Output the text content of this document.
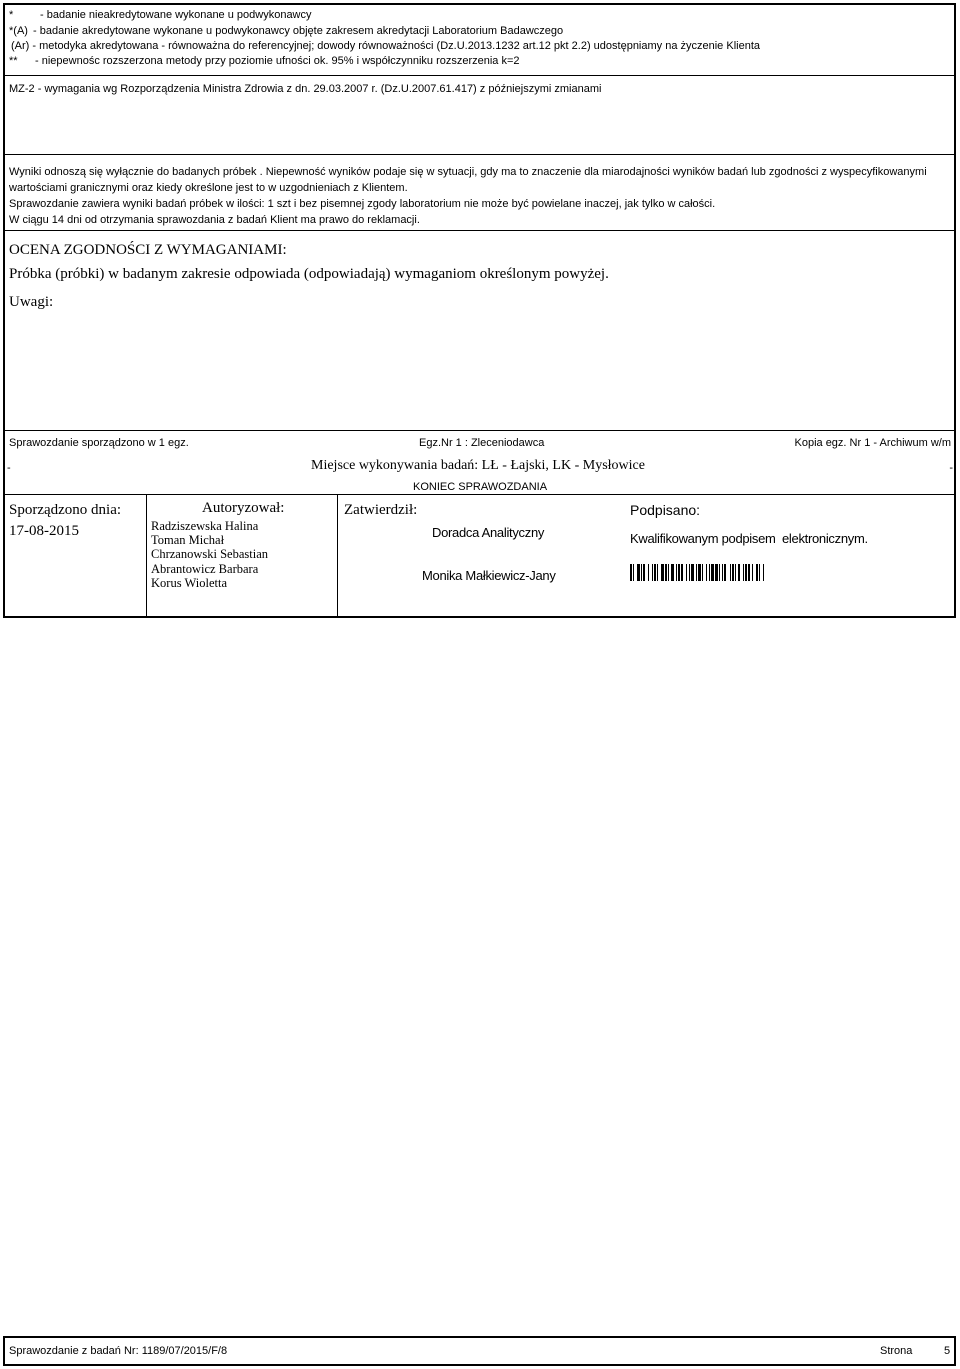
* - badanie nieakredytowane wykonane u podwykonawcy
*(A) - badanie akredytowane wykonane u podwykonawcy objęte zakresem akredytacji Laboratorium Badawczego
(Ar) - metodyka akredytowana - równoważna do referencyjnej; dowody równoważności (Dz.U.2013.1232 art.12 pkt 2.2) udostępniamy na życzenie Klienta
** - niepewnośc rozszerzona metody przy poziomie ufności ok. 95% i współczynniku rozszerzenia k=2
MZ-2 - wymagania wg Rozporządzenia Ministra Zdrowia z dn. 29.03.2007 r. (Dz.U.2007.61.417) z późniejszymi zmianami
Wyniki odnoszą się wyłącznie do badanych próbek . Niepewność wyników podaje się w sytuacji, gdy ma to znaczenie dla miarodajności wyników badań lub zgodności z wyspecyfikowanymi
wartościami granicznymi oraz kiedy określone jest to w uzgodnieniach z Klientem.
Sprawozdanie zawiera wyniki badań próbek w ilości: 1 szt i bez pisemnej zgody laboratorium nie może być powielane inaczej, jak tylko w całości.
W ciągu 14 dni od otrzymania sprawozdania z badań Klient ma prawo do reklamacji.
OCENA ZGODNOŚCI Z WYMAGANIAMI:
Próbka (próbki) w badanym zakresie odpowiada (odpowiadają) wymaganiom określonym powyżej.
Uwagi:
Sprawozdanie sporządzono w 1 egz.	Egz.Nr 1 : Zleceniodawca	Kopia egz. Nr 1 - Archiwum w/m
-	-
Miejsce wykonywania badań: LŁ - Łajski, LK - Mysłowice
KONIEC SPRAWOZDANIA
Sporządzono dnia:
17-08-2015
Autoryzował:
Radziszewska Halina
Toman Michał
Chrzanowski Sebastian
Abrantowicz Barbara
Korus Wioletta
Zatwierdził:
Doradca Analityczny
Monika Małkiewicz-Jany
Podpisano:
Kwalifikowanym podpisem elektronicznym.
Sprawozdanie z badań Nr: 1189/07/2015/F/8	Strona	5
